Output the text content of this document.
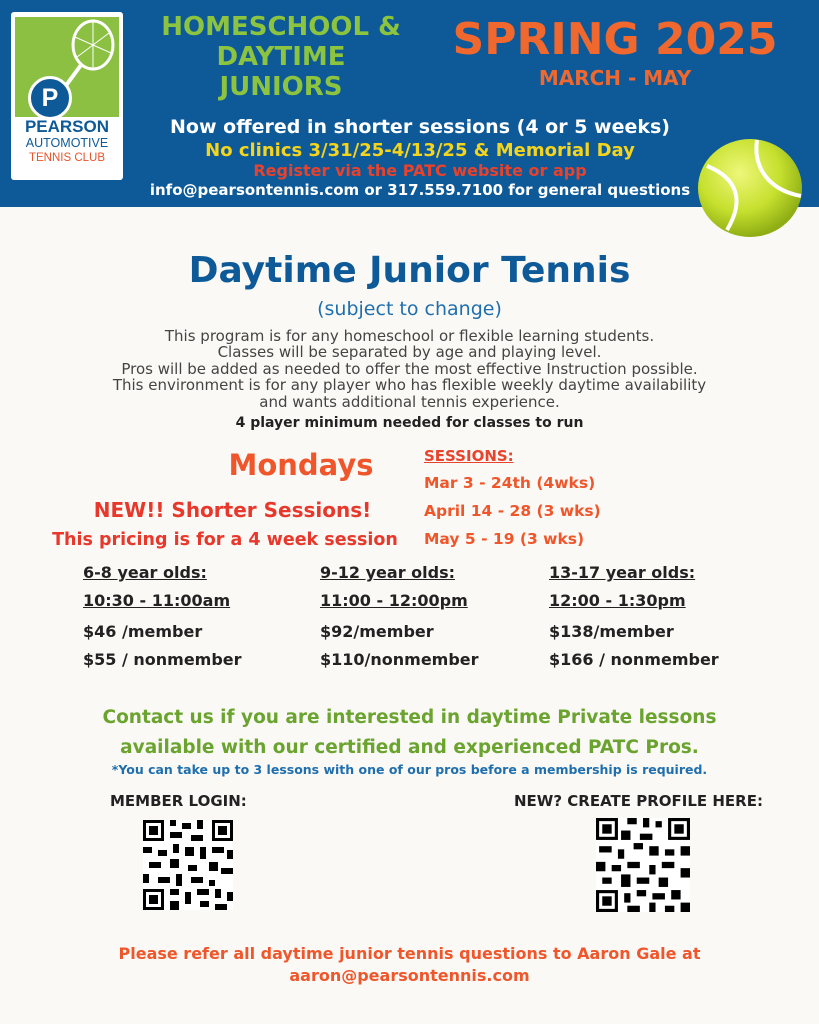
P
PEARSON
AUTOMOTIVE
TENNIS CLUB
HOMESCHOOL &
DAYTIME
JUNIORS
SPRING 2025
MARCH - MAY
Now offered in shorter sessions (4 or 5 weeks)
No clinics 3/31/25-4/13/25 & Memorial Day
Register via the PATC website or app
info@pearsontennis.com or 317.559.7100 for general questions
Daytime Junior Tennis
(subject to change)
This program is for any homeschool or flexible learning students.
Classes will be separated by age and playing level.
Pros will be added as needed to offer the most effective Instruction possible.
This environment is for any player who has flexible weekly daytime availability
and wants additional tennis experience.
4 player minimum needed for classes to run
Mondays
NEW!! Shorter Sessions!
This pricing is for a 4 week session
SESSIONS:
Mar 3 - 24th (4wks)
April 14 - 28 (3 wks)
May 5 - 19 (3 wks)
6-8 year olds:
10:30 - 11:00am
$46 /member
$55 / nonmember
9-12 year olds:
11:00 - 12:00pm
$92/member
$110/nonmember
13-17 year olds:
12:00 - 1:30pm
$138/member
$166 / nonmember
Contact us if you are interested in daytime Private lessons
available with our certified and experienced PATC Pros.
*You can take up to 3 lessons with one of our pros before a membership is required.
MEMBER LOGIN:	NEW? CREATE PROFILE HERE:
Please refer all daytime junior tennis questions to Aaron Gale at
aaron@pearsontennis.com
